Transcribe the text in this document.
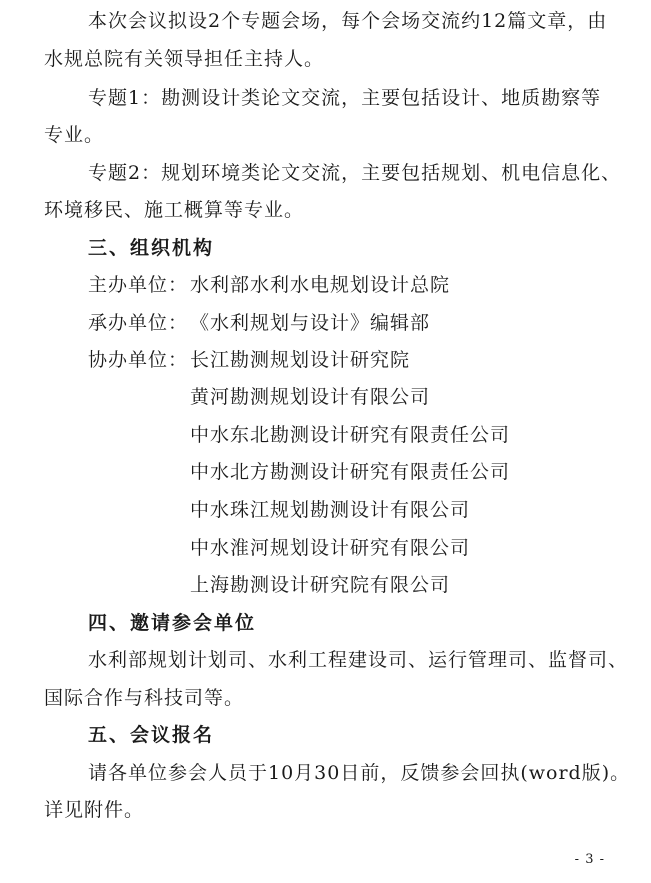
本次会议拟设2个专题会场，每个会场交流约12篇文章，由
水规总院有关领导担任主持人。
专题1：勘测设计类论文交流，主要包括设计、地质勘察等
专业。
专题2：规划环境类论文交流，主要包括规划、机电信息化、
环境移民、施工概算等专业。
三、组织机构
主办单位： 水利部水利水电规划设计总院
承办单位： 《水利规划与设计》编辑部
协办单位： 长江勘测规划设计研究院
黄河勘测规划设计有限公司
中水东北勘测设计研究有限责任公司
中水北方勘测设计研究有限责任公司
中水珠江规划勘测设计有限公司
中水淮河规划设计研究有限公司
上海勘测设计研究院有限公司
四、邀请参会单位
水利部规划计划司、水利工程建设司、运行管理司、监督司、
国际合作与科技司等。
五、会议报名
请各单位参会人员于10月30日前，反馈参会回执(word版)。
详见附件。
- 3 -
